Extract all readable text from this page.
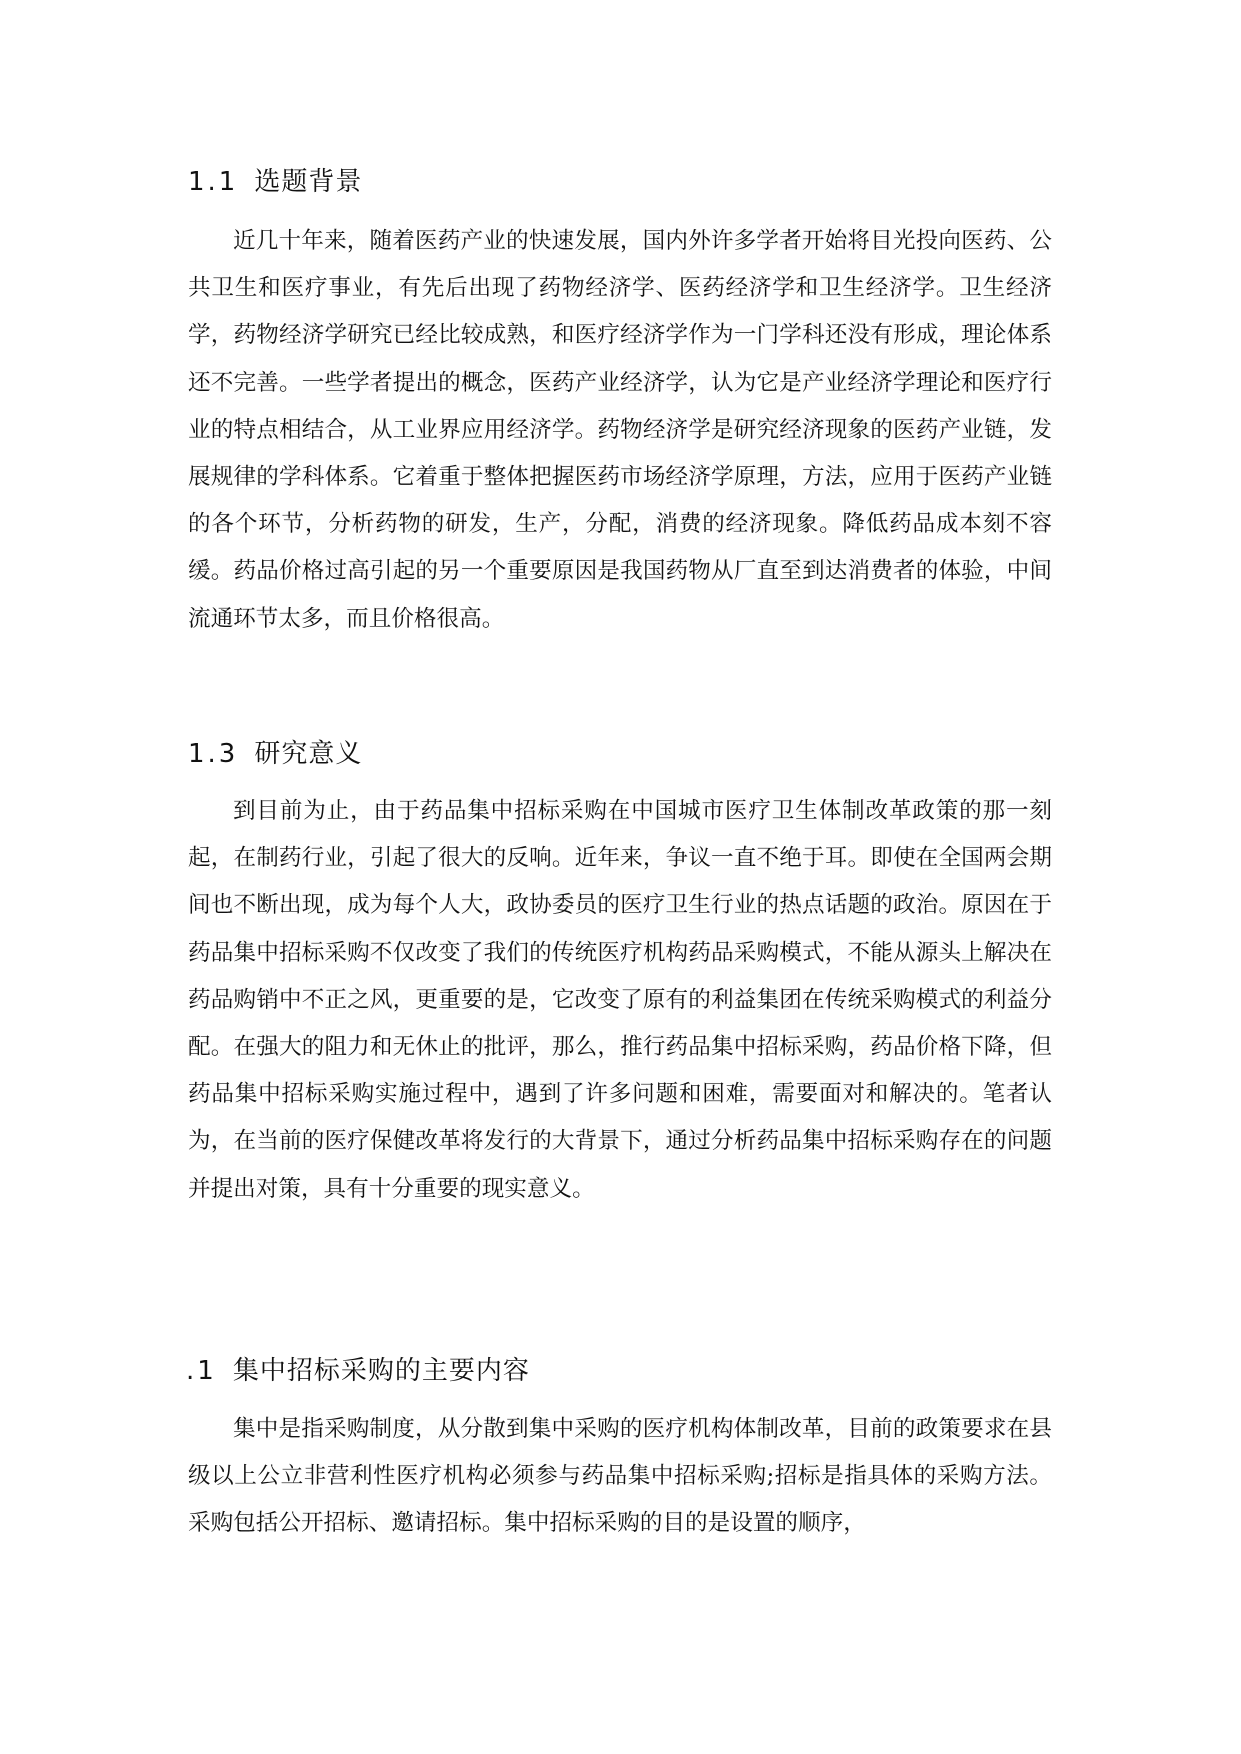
1.1 选题背景

近几十年来，随着医药产业的快速发展，国内外许多学者开始将目光投向医药、公共卫生和医疗事业，有先后出现了药物经济学、医药经济学和卫生经济学。卫生经济学，药物经济学研究已经比较成熟，和医疗经济学作为一门学科还没有形成，理论体系还不完善。一些学者提出的概念，医药产业经济学，认为它是产业经济学理论和医疗行业的特点相结合，从工业界应用经济学。药物经济学是研究经济现象的医药产业链，发展规律的学科体系。它着重于整体把握医药市场经济学原理，方法，应用于医药产业链的各个环节，分析药物的研发，生产，分配，消费的经济现象。降低药品成本刻不容缓。药品价格过高引起的另一个重要原因是我国药物从厂直至到达消费者的体验，中间流通环节太多，而且价格很高。

1.3 研究意义

到目前为止，由于药品集中招标采购在中国城市医疗卫生体制改革政策的那一刻起，在制药行业，引起了很大的反响。近年来，争议一直不绝于耳。即使在全国两会期间也不断出现，成为每个人大，政协委员的医疗卫生行业的热点话题的政治。原因在于药品集中招标采购不仅改变了我们的传统医疗机构药品采购模式，不能从源头上解决在药品购销中不正之风，更重要的是，它改变了原有的利益集团在传统采购模式的利益分配。在强大的阻力和无休止的批评，那么，推行药品集中招标采购，药品价格下降，但药品集中招标采购实施过程中，遇到了许多问题和困难，需要面对和解决的。笔者认为，在当前的医疗保健改革将发行的大背景下，通过分析药品集中招标采购存在的问题并提出对策，具有十分重要的现实意义。

.1 集中招标采购的主要内容

集中是指采购制度，从分散到集中采购的医疗机构体制改革，目前的政策要求在县级以上公立非营利性医疗机构必须参与药品集中招标采购;招标是指具体的采购方法。采购包括公开招标、邀请招标。集中招标采购的目的是设置的顺序，
